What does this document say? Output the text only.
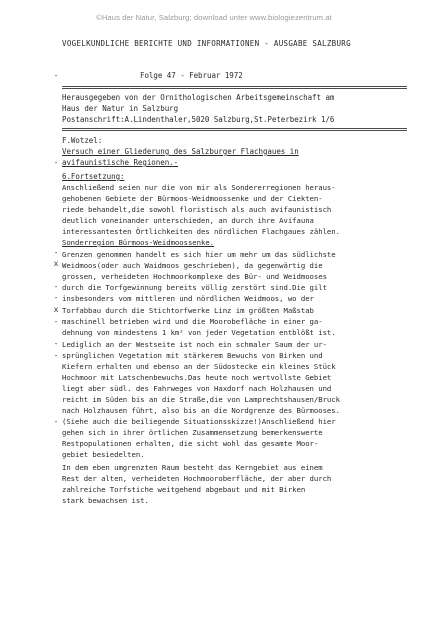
©Haus der Natur, Salzburg; download unter www.biologiezentrum.at
VOGELKUNDLICHE BERICHTE UND INFORMATIONEN - AUSGABE SALZBURG
-	Folge 47 - Februar 1972
Herausgegeben von der Ornithologischen Arbeitsgemeinschaft am
Haus der Natur in Salzburg
Postanschrift:A.Lindenthaler,5020 Salzburg,St.Peterbezirk 1/6
F.Wotzel:
Versuch einer Gliederung des Salzburger Flachgaues in
avifaunistische Regionen.-
-
6.Fortsetzung:
Anschließend seien nur die von mir als Sondererregionen heraus-
gehobenen Gebiete der Bürmoos-Weidmoossenke und der Ciekten-
riede behandelt,die sowohl floristisch als auch avifaunistisch
deutlich voneinander unterschieden, an durch ihre Avifauna
interessantesten Örtlichkeiten des nördlichen Flachgaues zählen.
Sonderregion Bürmoos-Weidmoossenke.
- Grenzen genommen handelt es sich hier um mehr um das südlichste
x Weidmoos(oder auch Waidmoos geschrieben), da gegenwärtig die
grossen, verheideten Hochmoorkomplexe des Bür- und Weidmooses
- durch die Torfgewinnung bereits völlig zerstört sind.Die gilt
- insbesonders vom mittleren und nördlichen Weidmoos, wo der
x Torfabbau durch die Stichtorfwerke Linz im größten Maßstab
- maschinell betrieben wird und die Moorobefläche in einer ga-
dehnung von mindestens 1 km² von jeder Vegetation entblößt ist.
- Lediglich an der Westseite ist noch ein schmaler Saum der ur-
- sprünglichen Vegetation mit stärkerem Bewuchs von Birken und
Kiefern erhalten und ebenso an der Südostecke ein kleines Stück
Hochmoor mit Latschenbewuchs.Das heute noch wertvollste Gebiet
liegt aber südl. des Fahrweges von Haxdorf nach Holzhausen und
reicht im Süden bis an die Straße,die von Lamprechtshausen/Bruck
nach Holzhausen führt, also bis an die Nordgrenze des Bürmooses.
- (Siehe auch die beiliegende Situationsskizze!)Anschließend hier
gehen sich in ihrer örtlichen Zusammensetzung bemerkenswerte
Restpopulationen erhalten, die sicht wohl das gesamte Moor-
gebiet besiedelten.
In dem eben umgrenzten Raum besteht das Kerngebiet aus einem
Rest der alten, verheideten Hochmooroberfläche, der aber durch
zahlreiche Torfstiche weitgehend abgebaut und mit Birken
stark bewachsen ist.
